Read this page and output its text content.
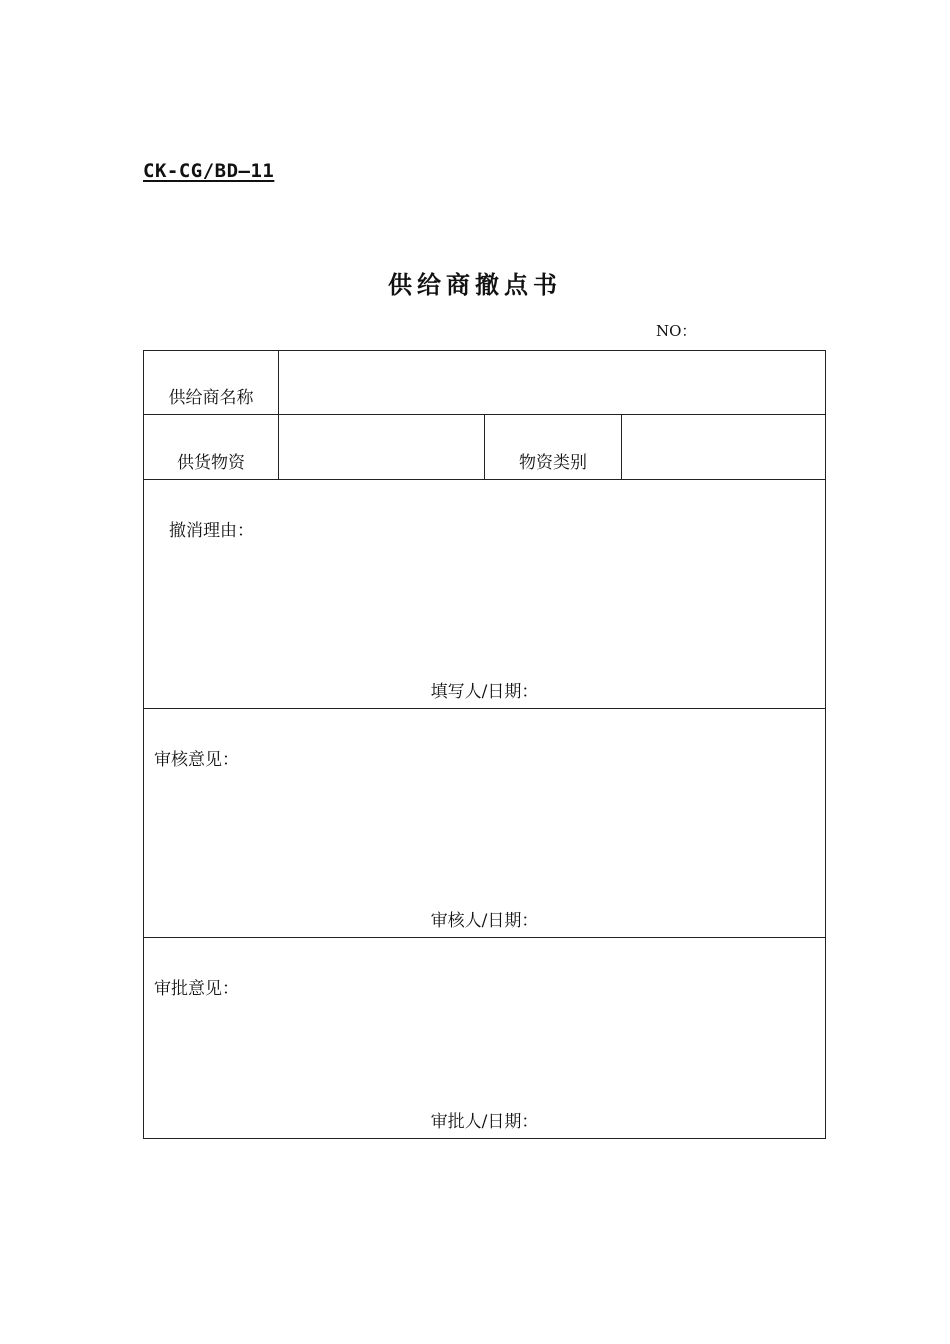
CK-CG/BD—11
供给商撤点书
NO：
供给商名称			
供货物资		物资类别	

撤消理由：
填写人/日期：			

审核意见：
审核人/日期：			

审批意见：
审批人/日期：			
